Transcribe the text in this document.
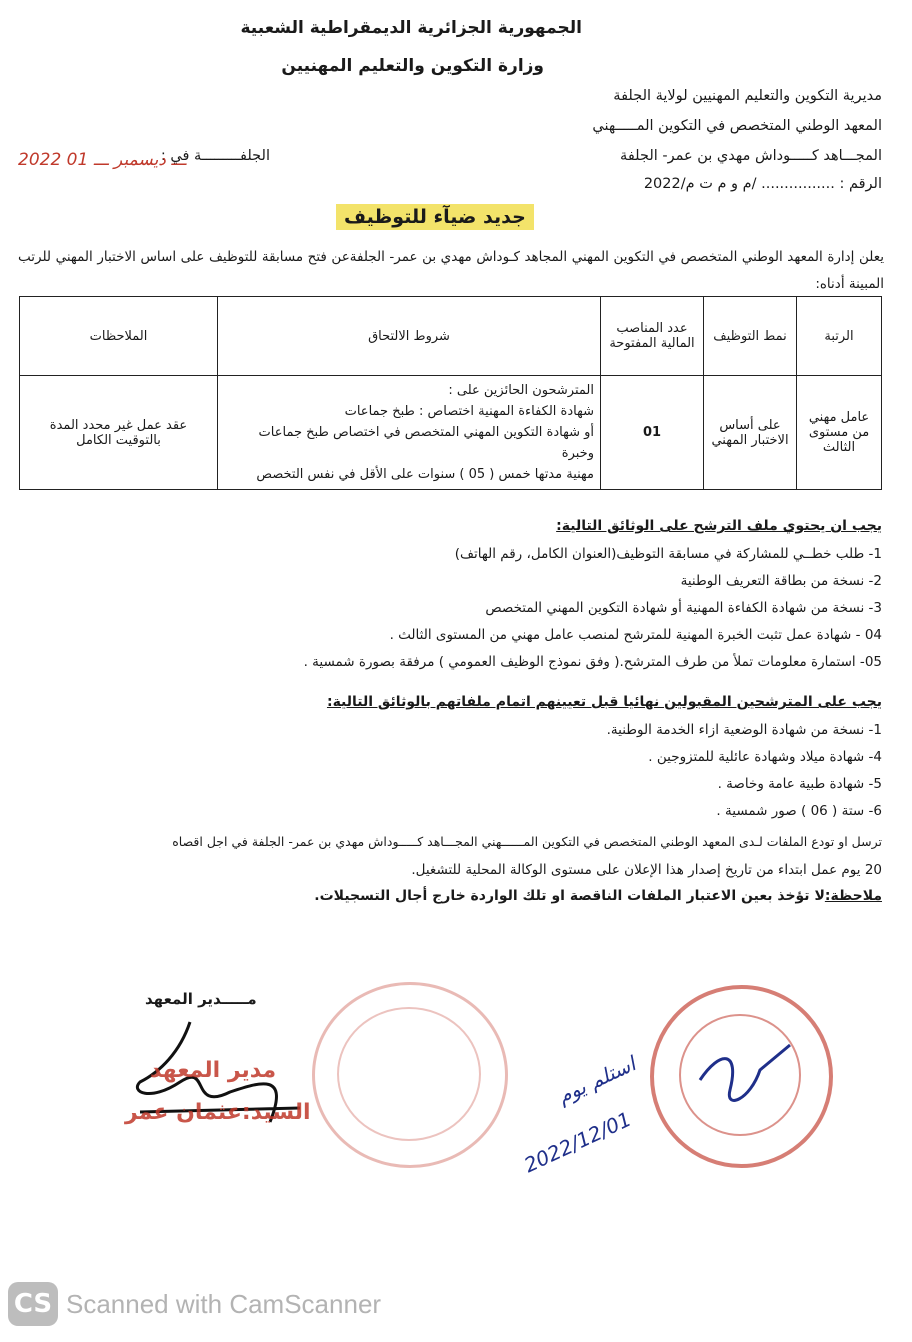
الجمهورية الجزائرية الديمقراطية الشعبية
وزارة التكوين والتعليم المهنيين
مديرية التكوين والتعليم المهنيين لولاية الجلفة
المعهد الوطني المتخصص في التكوين المـــــهني
المجـــاهد كـــــوداش مهدي بن عمر- الجلفة
الجلفـــــــــة في :
2022 ـــ ديسمبر ـــ 01
الرقم : ................ /م و م ت م/2022
جديد ضيآء للتوظيف
يعلن إدارة المعهد الوطني المتخصص في التكوين المهني المجاهد كـوداش مهدي بن عمر- الجلفةعن فتح مسابقة للتوظيف على اساس الاختبار المهني للرتب المبينة أدناه:
الرتبة	نمط التوظيف	عدد المناصب المالية المفتوحة	شروط الالتحاق	الملاحظات
عامل مهني من مستوى الثالث	على أساس الاختبار المهني	01	المترشحون الحائزين على :
شهادة الكفاءة المهنية اختصاص : طبخ جماعات
أو شهادة التكوين المهني المتخصص في اختصاص طبخ جماعات وخبرة
مهنية مدتها خمس ( 05 ) سنوات على الأقل في نفس التخصص	عقد عمل غير محدد المدة بالتوقيت الكامل
يجب ان يحتوي ملف الترشح على الوثائق التالية:
1- طلب خطــي للمشاركة في مسابقة التوظيف(العنوان الكامل، رقم الهاتف)
2- نسخة من بطاقة التعريف الوطنية
3- نسخة من شهادة الكفاءة المهنية أو شهادة التكوين المهني المتخصص
04 - شهادة عمل تثبت الخبرة المهنية للمترشح لمنصب عامل مهني من المستوى الثالث .
05- استمارة معلومات تملأ من طرف المترشح.( وفق نموذج الوظيف العمومي ) مرفقة بصورة شمسية .
يجب على المترشحين المقبولين نهائيا قبل تعيينهم اتمام ملفاتهم بالوثائق التالية:
1- نسخة من شهادة الوضعية ازاء الخدمة الوطنية.
4- شهادة ميلاد وشهادة عائلية للمتزوجين .
5- شهادة طبية عامة وخاصة .
6- ستة ( 06 ) صور شمسية .
ترسل او تودع الملفات لـدى المعهد الوطني المتخصص في التكوين المــــــهني المجـــاهد كـــــوداش مهدي بن عمر- الجلفة في اجل اقصاه
20 يوم عمل ابتداء من تاريخ إصدار هذا الإعلان على مستوى الوكالة المحلية للتشغيل.
ملاحظة:لا تؤخذ بعين الاعتبار الملفات الناقصة او تلك الواردة خارج أجال التسجيلات.
مـــــدير المعهد
مدير المعهد
السيد:عثمان عمر
استلم يوم
2022/12/01
CS Scanned with CamScanner
